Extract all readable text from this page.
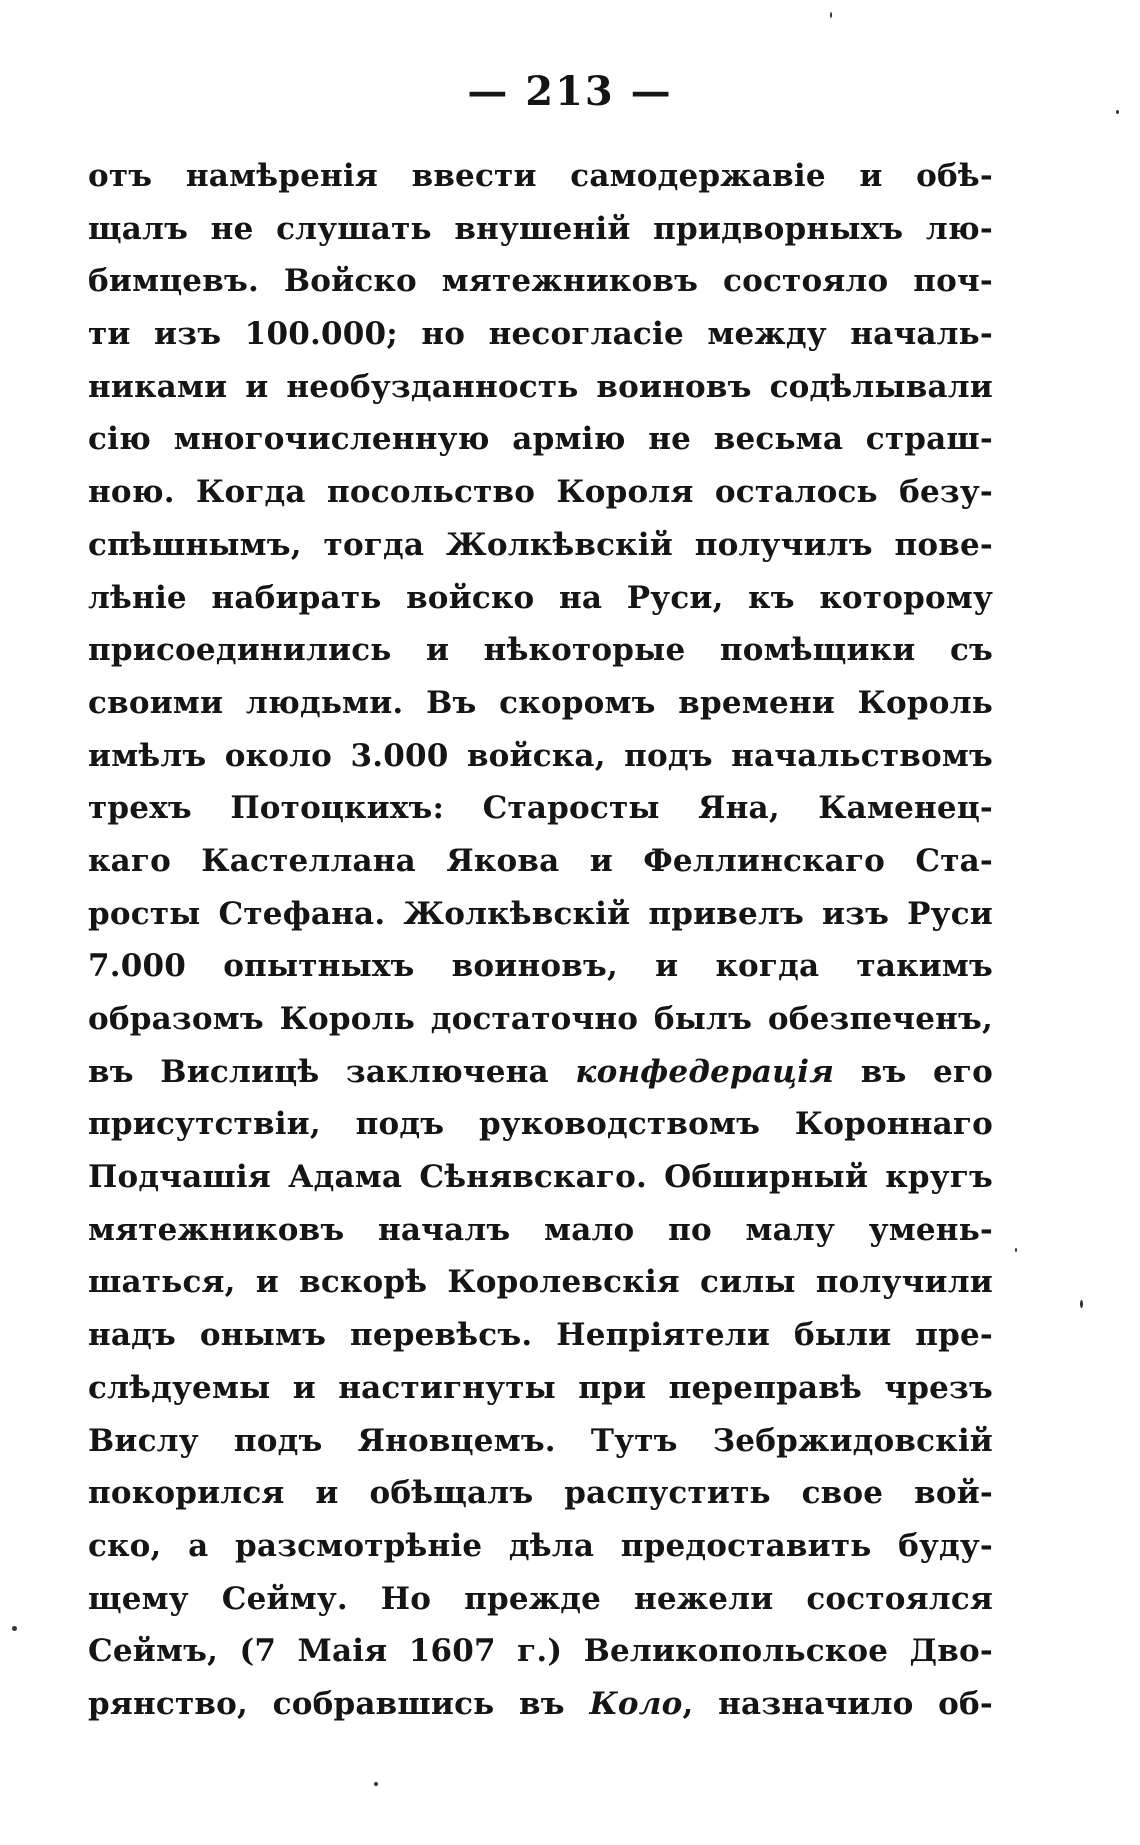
— 213 —
отъ намѣренія ввести самодержавіе и обѣ-
щалъ не слушать внушеній придворныхъ лю-
бимцевъ. Войско мятежниковъ состояло поч-
ти изъ 100.000; но несогласіе между началь-
никами и необузданность воиновъ содѣлывали
сію многочисленную армію не весьма страш-
ною. Когда посольство Короля осталось безу-
спѣшнымъ, тогда Жолкѣвскій получилъ пове-
лѣніе набирать войско на Руси, къ которому
присоединились и нѣкоторые помѣщики съ
своими людьми. Въ скоромъ времени Король
имѣлъ около 3.000 войска, подъ начальствомъ
трехъ Потоцкихъ: Старосты Яна, Каменец-
каго Кастеллана Якова и Феллинскаго Ста-
росты Стефана. Жолкѣвскій привелъ изъ Руси
7.000 опытныхъ воиновъ, и когда такимъ
образомъ Король достаточно былъ обезпеченъ,
въ Вислицѣ заключена конфедерація въ его
присутствіи, подъ руководствомъ Короннаго
Подчашія Адама Сѣнявскаго. Обширный кругъ
мятежниковъ началъ мало по малу умень-
шаться, и вскорѣ Королевскія силы получили
надъ онымъ перевѣсъ. Непріятели были пре-
слѣдуемы и настигнуты при переправѣ чрезъ
Вислу подъ Яновцемъ. Тутъ Зебржидовскій
покорился и обѣщалъ распустить свое вой-
ско, а разсмотрѣніе дѣла предоставить буду-
щему Сейму. Но прежде нежели состоялся
Сеймъ, (7 Маія 1607 г.) Великопольское Дво-
рянство, собравшись въ Коло, назначило об-
